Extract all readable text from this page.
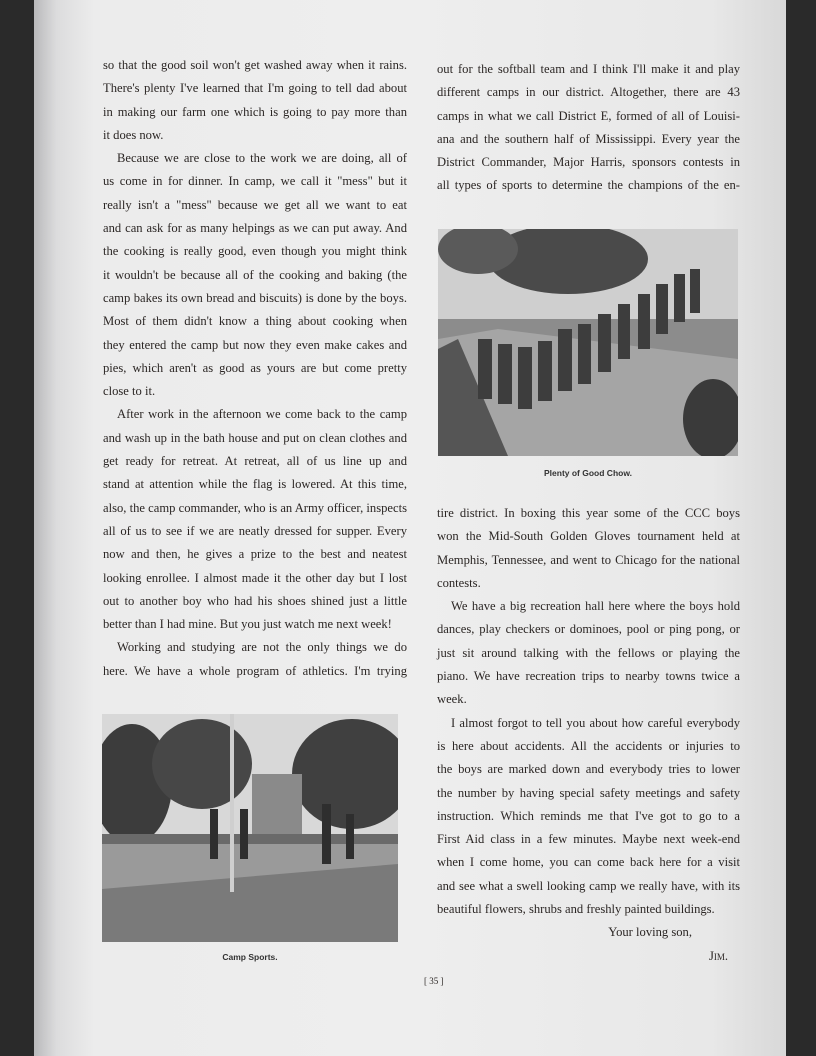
so that the good soil won't get washed away when it rains.
There's plenty I've learned that I'm going to tell dad about
in making our farm one which is going to pay more than
it does now.
Because we are close to the work we are doing, all of
us come in for dinner. In camp, we call it "mess" but it
really isn't a "mess" because we get all we want to eat
and can ask for as many helpings as we can put away. And
the cooking is really good, even though you might think
it wouldn't be because all of the cooking and baking (the
camp bakes its own bread and biscuits) is done by the boys.
Most of them didn't know a thing about cooking when
they entered the camp but now they even make cakes and
pies, which aren't as good as yours are but come pretty
close to it.
After work in the afternoon we come back to the camp
and wash up in the bath house and put on clean clothes and
get ready for retreat. At retreat, all of us line up and
stand at attention while the flag is lowered. At this time,
also, the camp commander, who is an Army officer, inspects
all of us to see if we are neatly dressed for supper. Every
now and then, he gives a prize to the best and neatest
looking enrollee. I almost made it the other day but I lost
out to another boy who had his shoes shined just a little
better than I had mine. But you just watch me next week!
Working and studying are not the only things we do
here. We have a whole program of athletics. I'm trying
out for the softball team and I think I'll make it and play
different camps in our district. Altogether, there are 43
camps in what we call District E, formed of all of Louisi-
ana and the southern half of Mississippi. Every year the
District Commander, Major Harris, sponsors contests in
all types of sports to determine the champions of the en-
Plenty of Good Chow.
tire district. In boxing this year some of the CCC boys
won the Mid-South Golden Gloves tournament held at
Memphis, Tennessee, and went to Chicago for the national
contests.
We have a big recreation hall here where the boys hold
dances, play checkers or dominoes, pool or ping pong, or
just sit around talking with the fellows or playing the
piano. We have recreation trips to nearby towns twice a
week.
I almost forgot to tell you about how careful everybody
is here about accidents. All the accidents or injuries to
the boys are marked down and everybody tries to lower
the number by having special safety meetings and safety
instruction. Which reminds me that I've got to go to a
First Aid class in a few minutes. Maybe next week-end
when I come home, you can come back here for a visit
and see what a swell looking camp we really have, with its
beautiful flowers, shrubs and freshly painted buildings.
Your loving son,
Jim.
Camp Sports.
[ 35 ]
